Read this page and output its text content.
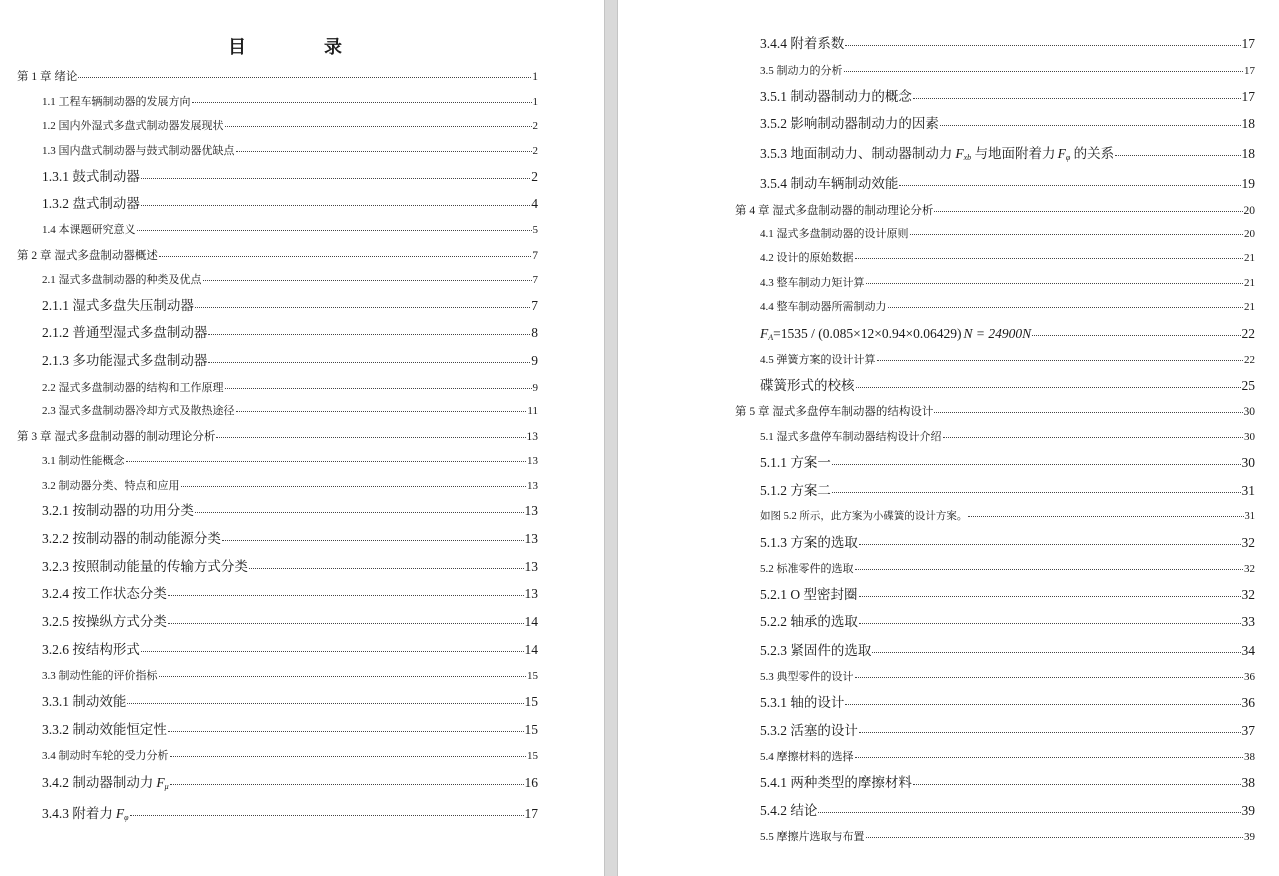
目　录
第 1 章 绪论	1
1.1 工程车辆制动器的发展方向	1
1.2 国内外湿式多盘式制动器发展现状	2
1.3 国内盘式制动器与鼓式制动器优缺点	2
1.3.1 鼓式制动器	2
1.3.2 盘式制动器	4
1.4 本课题研究意义	5
第 2 章 湿式多盘制动器概述	7
2.1 湿式多盘制动器的种类及优点	7
2.1.1 湿式多盘失压制动器	7
2.1.2 普通型湿式多盘制动器	8
2.1.3 多功能湿式多盘制动器	9
2.2 湿式多盘制动器的结构和工作原理	9
2.3 湿式多盘制动器冷却方式及散热途径	11
第 3 章 湿式多盘制动器的制动理论分析	13
3.1 制动性能概念	13
3.2 制动器分类、特点和应用	13
3.2.1 按制动器的功用分类	13
3.2.2 按制动器的制动能源分类	13
3.2.3 按照制动能量的传输方式分类	13
3.2.4 按工作状态分类	13
3.2.5 按操纵方式分类	14
3.2.6 按结构形式	14
3.3 制动性能的评价指标	15
3.3.1 制动效能	15
3.3.2 制动效能恒定性	15
3.4 制动时车轮的受力分析	15
3.4.2 制动器制动力 $F_\mu$	16
3.4.3 附着力 $F_\varphi$	17
3.4.4 附着系数	17
3.5 制动力的分析	17
3.5.1 制动器制动力的概念	17
3.5.2 影响制动器制动力的因素	18
3.5.3 地面制动力、制动器制动力 $F_{xb}$ 与地面附着力 $F_\varphi$ 的关系	18
3.5.4 制动车辆制动效能	19
第 4 章 湿式多盘制动器的制动理论分析	20
4.1 湿式多盘制动器的设计原则	20
4.2 设计的原始数据	21
4.3 整车制动力矩计算	21
4.4 整车制动器所需制动力	21
$F_A=1535 / (0.085\times 12\times 0.94\times 0.06429) N = 24900N$	22
4.5 弹簧方案的设计计算	22
碟簧形式的校核	25
第 5 章 湿式多盘停车制动器的结构设计	30
5.1 湿式多盘停车制动器结构设计介绍	30
5.1.1 方案一	30
5.1.2 方案二	31
如图 5.2 所示，此方案为小碟簧的设计方案。	31
5.1.3 方案的选取	32
5.2 标准零件的选取	32
5.2.1 O 型密封圈	32
5.2.2 轴承的选取	33
5.2.3 紧固件的选取	34
5.3 典型零件的设计	36
5.3.1 轴的设计	36
5.3.2 活塞的设计	37
5.4 摩擦材料的选择	38
5.4.1 两种类型的摩擦材料	38
5.4.2 结论	39
5.5 摩擦片选取与布置	39
